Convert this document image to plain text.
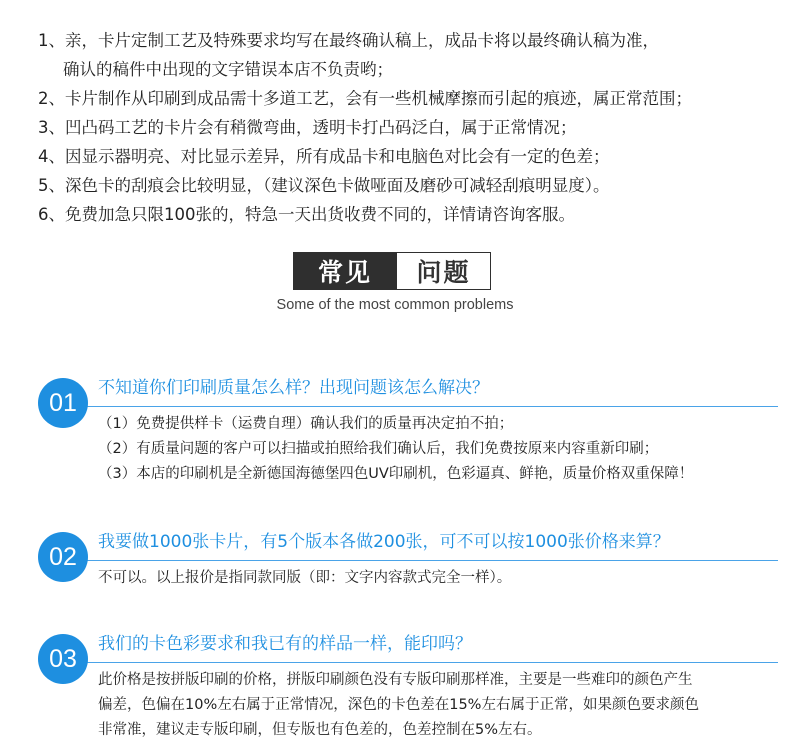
1、亲，卡片定制工艺及特殊要求均写在最终确认稿上，成品卡将以最终确认稿为准，
确认的稿件中出现的文字错误本店不负责哟；
2、卡片制作从印刷到成品需十多道工艺，会有一些机械摩擦而引起的痕迹，属正常范围；
3、凹凸码工艺的卡片会有稍微弯曲，透明卡打凸码泛白，属于正常情况；
4、因显示器明亮、对比显示差异，所有成品卡和电脑色对比会有一定的色差；
5、深色卡的刮痕会比较明显，（建议深色卡做哑面及磨砂可减轻刮痕明显度）。
6、免费加急只限100张的，特急一天出货收费不同的，详情请咨询客服。
常见	问题
Some of the most common problems
01
不知道你们印刷质量怎么样？出现问题该怎么解决？
（1）免费提供样卡（运费自理）确认我们的质量再决定拍不拍；
（2）有质量问题的客户可以扫描或拍照给我们确认后，我们免费按原来内容重新印刷；
（3）本店的印刷机是全新德国海德堡四色UV印刷机，色彩逼真、鲜艳，质量价格双重保障！
02
我要做1000张卡片，有5个版本各做200张，可不可以按1000张价格来算？
不可以。以上报价是指同款同版（即：文字内容款式完全一样）。
03
我们的卡色彩要求和我已有的样品一样，能印吗？
此价格是按拼版印刷的价格，拼版印刷颜色没有专版印刷那样准，主要是一些难印的颜色产生
偏差，色偏在10%左右属于正常情况，深色的卡色差在15%左右属于正常，如果颜色要求颜色
非常准，建议走专版印刷，但专版也有色差的，色差控制在5%左右。
